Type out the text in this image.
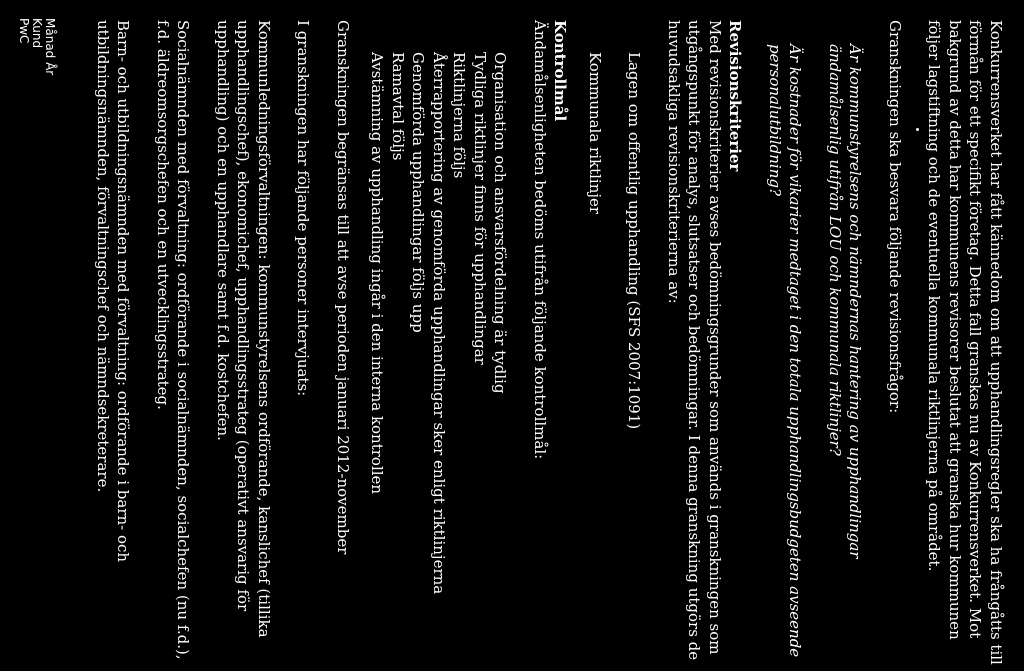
Konkurrensverket har fått kännedom om att upphandlingsregler ska ha frångåtts till förmån för ett specifikt företag. Detta fall granskas nu av Konkurrensverket. Mot bakgrund av detta har kommunens revisorer beslutat att granska hur kommunen följer lagstiftning och de eventuella kommunala riktlinjerna på området.

Granskningen ska besvara följande revisionsfrågor:

Är kommunstyrelsens och nämndernas hantering av upphandlingar ändamålsenlig utifrån LOU och kommunala riktlinjer?

Är kostnader för vikarier medtaget i den totala upphandlingsbudgeten avseende personalutbildning?

Revisionskriterier

Med revisionskriterier avses bedömningsgrunder som används i granskningen som utgångspunkt för analys, slutsatser och bedömningar. I denna granskning utgörs de huvudsakliga revisionskriterierna av:

Lagen om offentlig upphandling (SFS 2007:1091)
Kommunala riktlinjer
Kontrollmål

Ändamålsenligheten bedöms utifrån följande kontrollmål:

Organisation och ansvarsfördelning är tydlig
Tydliga riktlinjer finns för upphandlingar
Riktlinjerna följs
Återrapportering av genomförda upphandlingar sker enligt riktlinjerna
Genomförda upphandlingar följs upp
Ramavtal följs
Avstämning av upphandling ingår i den interna kontrollen

Granskningen begränsas till att avse perioden januari 2012-november

I granskningen har följande personer intervjuats:

Kommunledningsförvaltningen: kommunstyrelsens ordförande, kanslichef (tillika upphandlingschef), ekonomichef, upphandlingsstrateg (operativt ansvarig för upphandling) och en upphandlare samt f.d. kostchefen.

Socialnämnden med förvaltning: ordförande i socialnämnden, socialchefen (nu f.d.), f.d. äldreomsorgschefen och en utvecklingsstrateg.

Barn- och utbildningsnämnden med förvaltning: ordförande i barn- och utbildningsnämnden, förvaltningschef och nämndsekreterare.

Månad År
Kund
PwC
